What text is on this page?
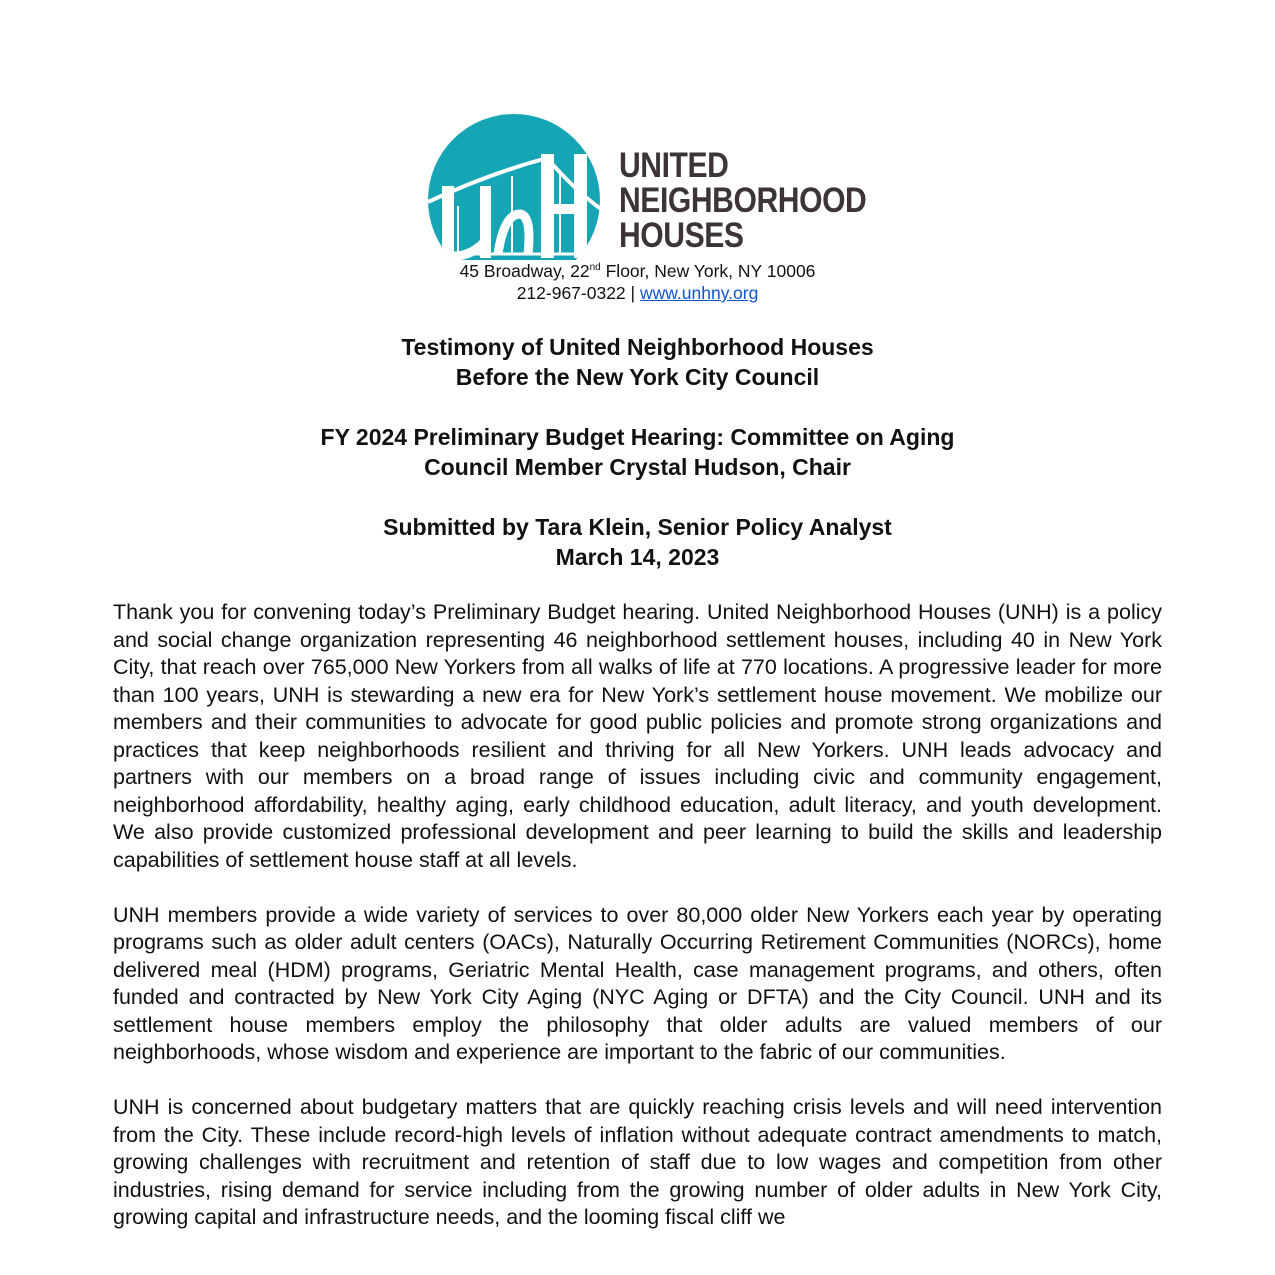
UNITED
NEIGHBORHOOD
HOUSES
45 Broadway, 22nd Floor, New York, NY 10006
212-967-0322 | www.unhny.org
Testimony of United Neighborhood Houses
Before the New York City Council
FY 2024 Preliminary Budget Hearing: Committee on Aging
Council Member Crystal Hudson, Chair
Submitted by Tara Klein, Senior Policy Analyst
March 14, 2023

Thank you for convening today’s Preliminary Budget hearing. United Neighborhood Houses (UNH) is a policy and social change organization representing 46 neighborhood settlement houses, including 40 in New York City, that reach over 765,000 New Yorkers from all walks of life at 770 locations. A progressive leader for more than 100 years, UNH is stewarding a new era for New York’s settlement house movement. We mobilize our members and their communities to advocate for good public policies and promote strong organizations and practices that keep neighborhoods resilient and thriving for all New Yorkers. UNH leads advocacy and partners with our members on a broad range of issues including civic and community engagement, neighborhood affordability, healthy aging, early childhood education, adult literacy, and youth development. We also provide customized professional development and peer learning to build the skills and leadership capabilities of settlement house staff at all levels.

UNH members provide a wide variety of services to over 80,000 older New Yorkers each year by operating programs such as older adult centers (OACs), Naturally Occurring Retirement Communities (NORCs), home delivered meal (HDM) programs, Geriatric Mental Health, case management programs, and others, often funded and contracted by New York City Aging (NYC Aging or DFTA) and the City Council. UNH and its settlement house members employ the philosophy that older adults are valued members of our neighborhoods, whose wisdom and experience are important to the fabric of our communities.

UNH is concerned about budgetary matters that are quickly reaching crisis levels and will need intervention from the City. These include record-high levels of inflation without adequate contract amendments to match, growing challenges with recruitment and retention of staff due to low wages and competition from other industries, rising demand for service including from the growing number of older adults in New York City, growing capital and infrastructure needs, and the looming fiscal cliff we
